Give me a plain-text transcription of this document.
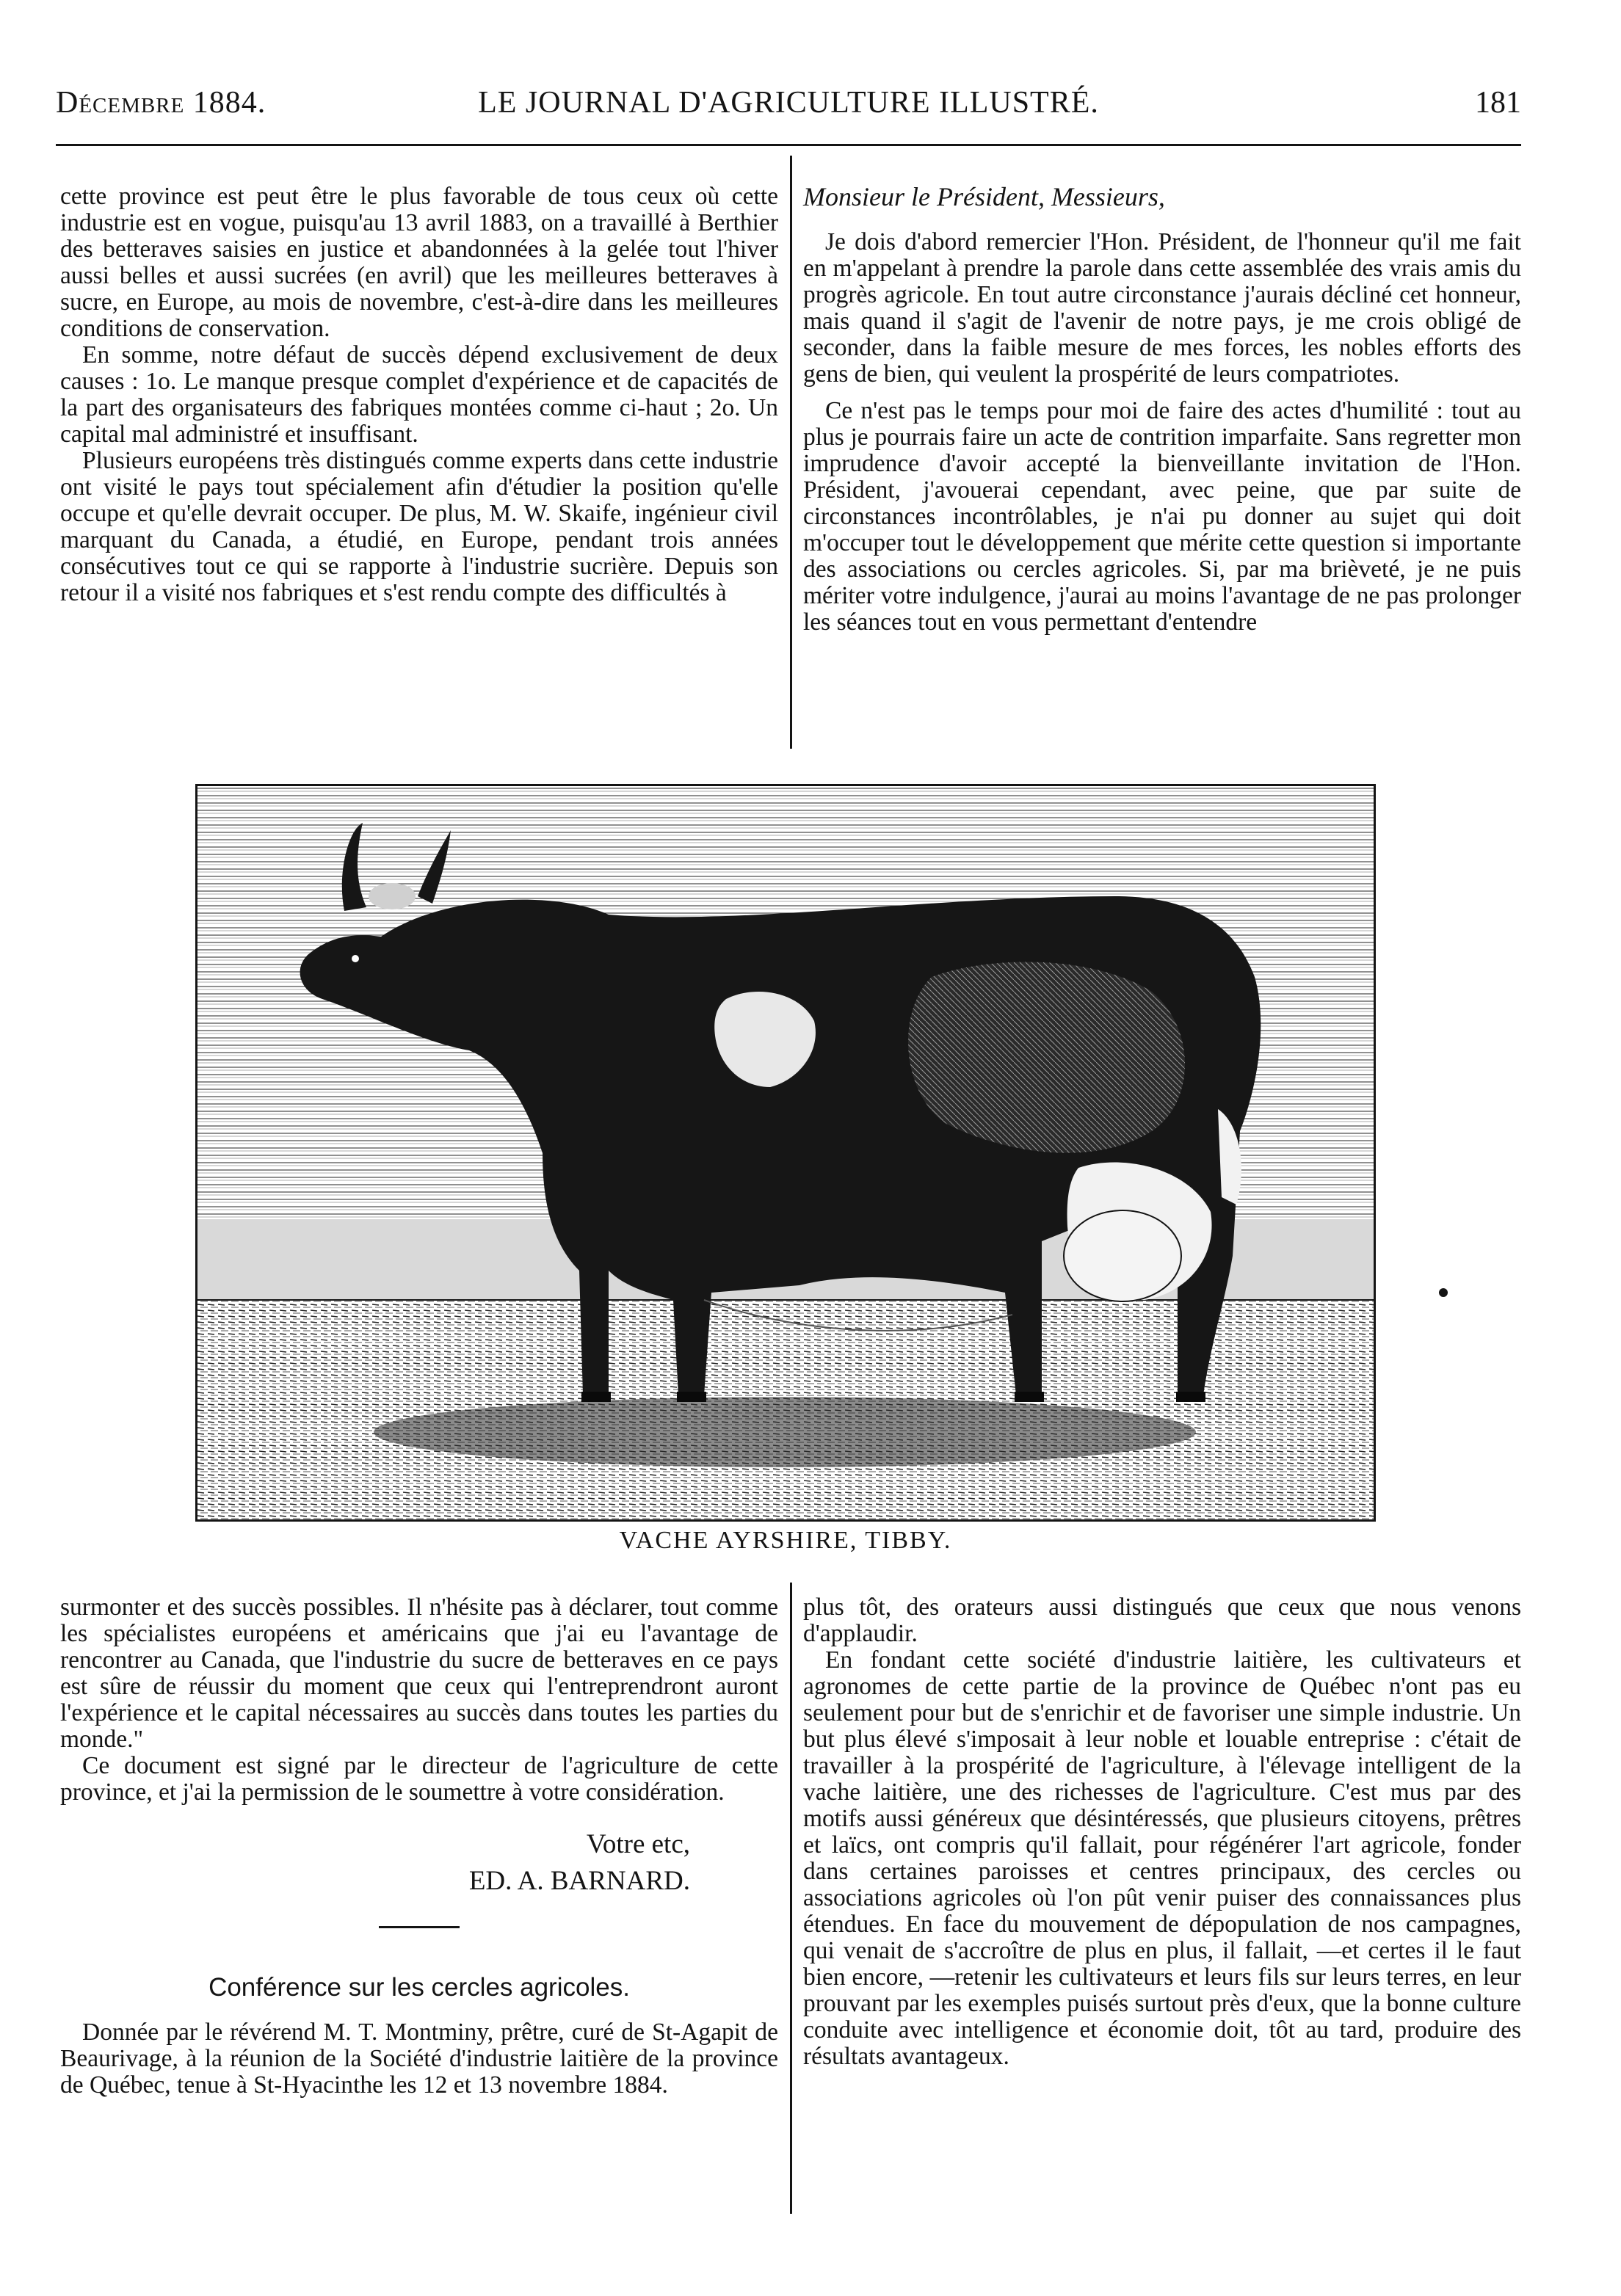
Décembre 1884.	LE JOURNAL D'AGRICULTURE ILLUSTRÉ.	181

cette province est peut être le plus favorable de tous ceux où cette industrie est en vogue, puisqu'au 13 avril 1883, on a travaillé à Berthier des betteraves saisies en justice et abandonnées à la gelée tout l'hiver aussi belles et aussi sucrées (en avril) que les meilleures betteraves à sucre, en Europe, au mois de novembre, c'est-à-dire dans les meilleures conditions de conservation.

En somme, notre défaut de succès dépend exclusivement de deux causes : 1o. Le manque presque complet d'expérience et de capacités de la part des organisateurs des fabriques montées comme ci-haut ; 2o. Un capital mal administré et insuffisant.

Plusieurs européens très distingués comme experts dans cette industrie ont visité le pays tout spécialement afin d'étudier la position qu'elle occupe et qu'elle devrait occuper. De plus, M. W. Skaife, ingénieur civil marquant du Canada, a étudié, en Europe, pendant trois années consécutives tout ce qui se rapporte à l'industrie sucrière. Depuis son retour il a visité nos fabriques et s'est rendu compte des difficultés à

Monsieur le Président, Messieurs,

Je dois d'abord remercier l'Hon. Président, de l'honneur qu'il me fait en m'appelant à prendre la parole dans cette assemblée des vrais amis du progrès agricole. En tout autre circonstance j'aurais décliné cet honneur, mais quand il s'agit de l'avenir de notre pays, je me crois obligé de seconder, dans la faible mesure de mes forces, les nobles efforts des gens de bien, qui veulent la prospérité de leurs compatriotes.

Ce n'est pas le temps pour moi de faire des actes d'humilité : tout au plus je pourrais faire un acte de contrition imparfaite. Sans regretter mon imprudence d'avoir accepté la bienveillante invitation de l'Hon. Président, j'avouerai cependant, avec peine, que par suite de circonstances incontrôlables, je n'ai pu donner au sujet qui doit m'occuper tout le développement que mérite cette question si importante des associations ou cercles agricoles. Si, par ma brièveté, je ne puis mériter votre indulgence, j'aurai au moins l'avantage de ne pas prolonger les séances tout en vous permettant d'entendre

VACHE AYRSHIRE, TIBBY.

surmonter et des succès possibles. Il n'hésite pas à déclarer, tout comme les spécialistes européens et américains que j'ai eu l'avantage de rencontrer au Canada, que l'industrie du sucre de betteraves en ce pays est sûre de réussir du moment que ceux qui l'entreprendront auront l'expérience et le capital nécessaires au succès dans toutes les parties du monde."

Ce document est signé par le directeur de l'agriculture de cette province, et j'ai la permission de le soumettre à votre considération.

Votre etc,
ED. A. BARNARD.
Conférence sur les cercles agricoles.

Donnée par le révérend M. T. Montminy, prêtre, curé de St-Agapit de Beaurivage, à la réunion de la Société d'industrie laitière de la province de Québec, tenue à St-Hyacinthe les 12 et 13 novembre 1884.

plus tôt, des orateurs aussi distingués que ceux que nous venons d'applaudir.

En fondant cette société d'industrie laitière, les cultivateurs et agronomes de cette partie de la province de Québec n'ont pas eu seulement pour but de s'enrichir et de favoriser une simple industrie. Un but plus élevé s'imposait à leur noble et louable entreprise : c'était de travailler à la prospérité de l'agriculture, à l'élevage intelligent de la vache laitière, une des richesses de l'agriculture. C'est mus par des motifs aussi généreux que désintéressés, que plusieurs citoyens, prêtres et laïcs, ont compris qu'il fallait, pour régénérer l'art agricole, fonder dans certaines paroisses et centres principaux, des cercles ou associations agricoles où l'on pût venir puiser des connaissances plus étendues. En face du mouvement de dépopulation de nos campagnes, qui venait de s'accroître de plus en plus, il fallait, —et certes il le faut bien encore, —retenir les cultivateurs et leurs fils sur leurs terres, en leur prouvant par les exemples puisés surtout près d'eux, que la bonne culture conduite avec intelligence et économie doit, tôt au tard, produire des résultats avantageux.
